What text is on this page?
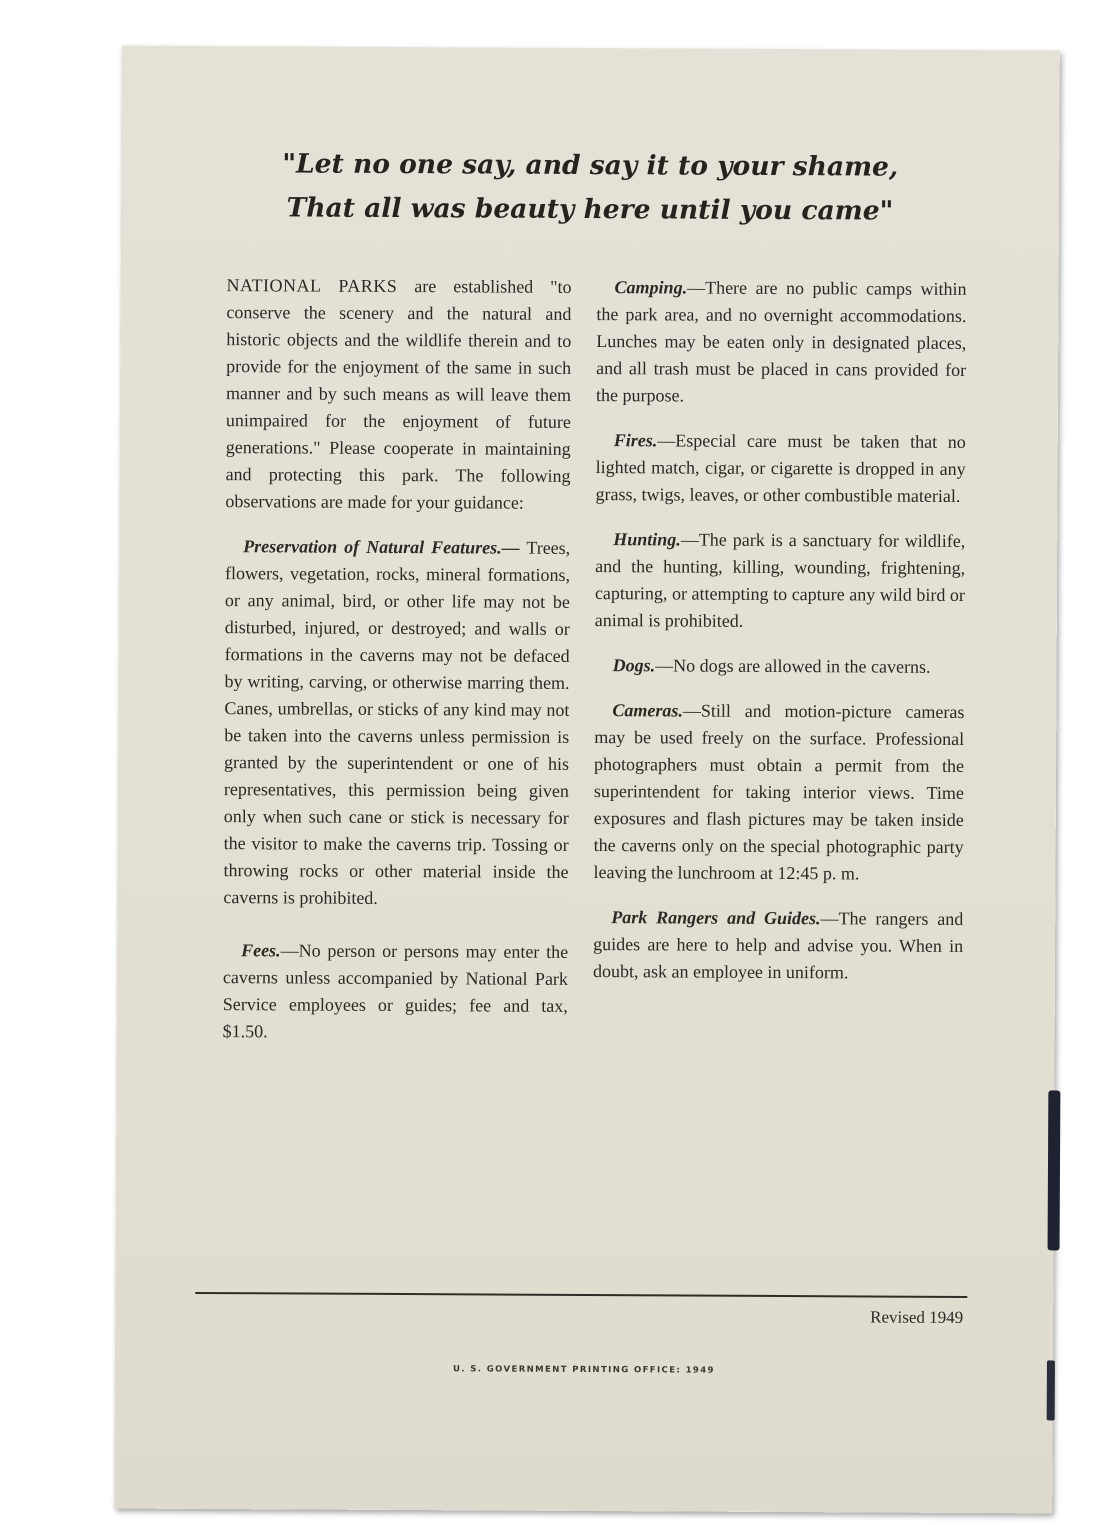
"Let no one say, and say it to your shame,
That all was beauty here until you came"

NATIONAL PARKS are established "to conserve the scenery and the natural and historic objects and the wildlife therein and to provide for the enjoyment of the same in such manner and by such means as will leave them unimpaired for the enjoyment of future generations." Please cooperate in maintaining and protecting this park. The following observations are made for your guidance:

Preservation of Natural Features.— Trees, flowers, vegetation, rocks, mineral formations, or any animal, bird, or other life may not be disturbed, injured, or destroyed; and walls or formations in the caverns may not be defaced by writing, carving, or otherwise marring them. Canes, umbrellas, or sticks of any kind may not be taken into the caverns unless permission is granted by the superintendent or one of his representatives, this permission being given only when such cane or stick is necessary for the visitor to make the caverns trip. Tossing or throwing rocks or other material inside the caverns is prohibited.

Fees.—No person or persons may enter the caverns unless accompanied by National Park Service employees or guides; fee and tax, $1.50.

Camping.—There are no public camps within the park area, and no overnight accommodations. Lunches may be eaten only in designated places, and all trash must be placed in cans provided for the purpose.

Fires.—Especial care must be taken that no lighted match, cigar, or cigarette is dropped in any grass, twigs, leaves, or other combustible material.

Hunting.—The park is a sanctuary for wildlife, and the hunting, killing, wounding, frightening, capturing, or attempting to capture any wild bird or animal is prohibited.

Dogs.—No dogs are allowed in the caverns.

Cameras.—Still and motion-picture cameras may be used freely on the surface. Professional photographers must obtain a permit from the superintendent for taking interior views. Time exposures and flash pictures may be taken inside the caverns only on the special photographic party leaving the lunchroom at 12:45 p. m.

Park Rangers and Guides.—The rangers and guides are here to help and advise you. When in doubt, ask an employee in uniform.

Revised 1949
U. S. GOVERNMENT PRINTING OFFICE: 1949
